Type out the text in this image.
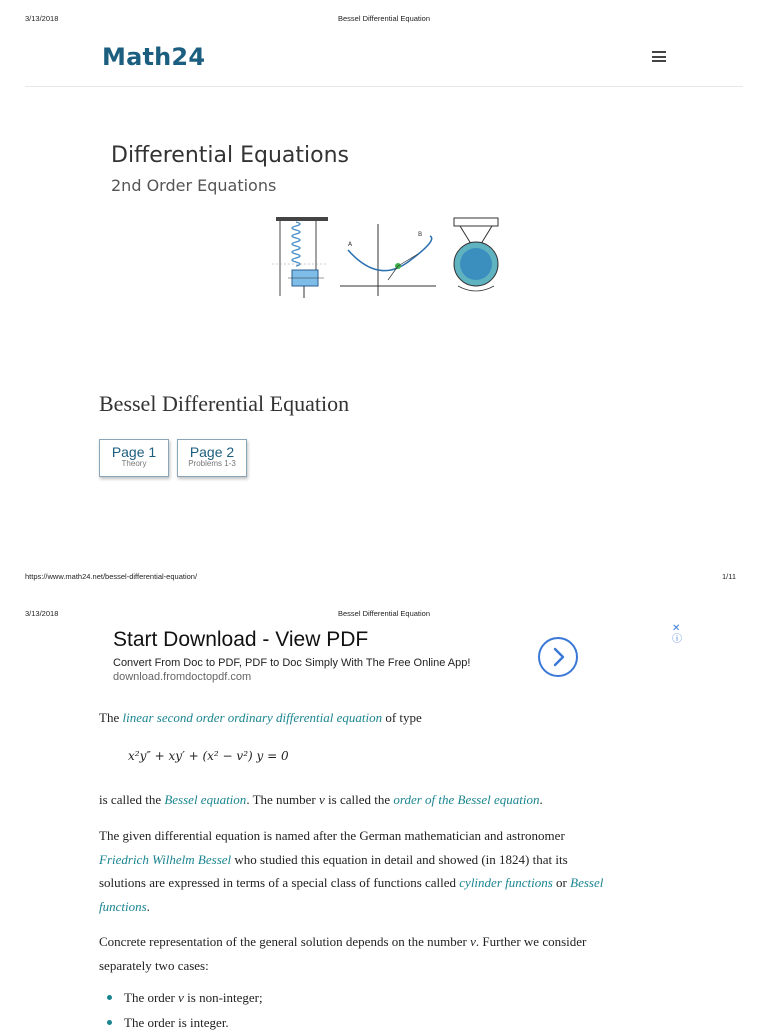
3/13/2018	Bessel Differential Equation
Math24
Differential Equations
2nd Order Equations
A
B
Bessel Differential Equation
Page 1
Theory
Page 2
Problems 1-3
https://www.math24.net/bessel-differential-equation/	1/11
3/13/2018	Bessel Differential Equation
Start Download - View PDF
Convert From Doc to PDF, PDF to Doc Simply With The Free Online App!
download.fromdoctopdf.com
✕
ⓘ
The linear second order ordinary differential equation of type
x²y″ + xy′ + (x² − v²) y = 0
is called the Bessel equation. The number v is called the order of the Bessel equation.
The given differential equation is named after the German mathematician and astronomer
Friedrich Wilhelm Bessel who studied this equation in detail and showed (in 1824) that its
solutions are expressed in terms of a special class of functions called cylinder functions or Bessel
functions.
Concrete representation of the general solution depends on the number v. Further we consider
separately two cases:
The order v is non-integer;
The order is integer.
